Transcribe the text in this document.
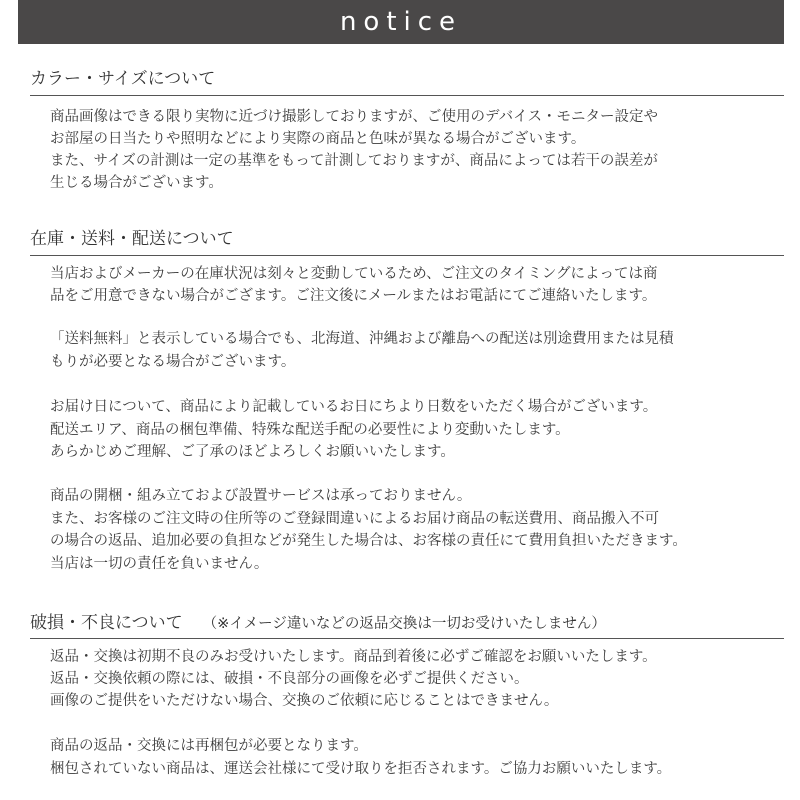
notice
カラー・サイズについて
商品画像はできる限り実物に近づけ撮影しておりますが、ご使用のデバイス・モニター設定や
お部屋の日当たりや照明などにより実際の商品と色味が異なる場合がございます。
また、サイズの計測は一定の基準をもって計測しておりますが、商品によっては若干の誤差が
生じる場合がございます。
在庫・送料・配送について
当店およびメーカーの在庫状況は刻々と変動しているため、ご注文のタイミングによっては商
品をご用意できない場合がござます。ご注文後にメールまたはお電話にてご連絡いたします。
「送料無料」と表示している場合でも、北海道、沖縄および離島への配送は別途費用または見積
もりが必要となる場合がございます。
お届け日について、商品により記載しているお日にちより日数をいただく場合がございます。
配送エリア、商品の梱包準備、特殊な配送手配の必要性により変動いたします。
あらかじめご理解、ご了承のほどよろしくお願いいたします。
商品の開梱・組み立ておよび設置サービスは承っておりません。
また、お客様のご注文時の住所等のご登録間違いによるお届け商品の転送費用、商品搬入不可
の場合の返品、追加必要の負担などが発生した場合は、お客様の責任にて費用負担いただきます。
当店は一切の責任を負いません。
破損・不良について （※イメージ違いなどの返品交換は一切お受けいたしません）
返品・交換は初期不良のみお受けいたします。商品到着後に必ずご確認をお願いいたします。
返品・交換依頼の際には、破損・不良部分の画像を必ずご提供ください。
画像のご提供をいただけない場合、交換のご依頼に応じることはできません。
商品の返品・交換には再梱包が必要となります。
梱包されていない商品は、運送会社様にて受け取りを拒否されます。ご協力お願いいたします。
